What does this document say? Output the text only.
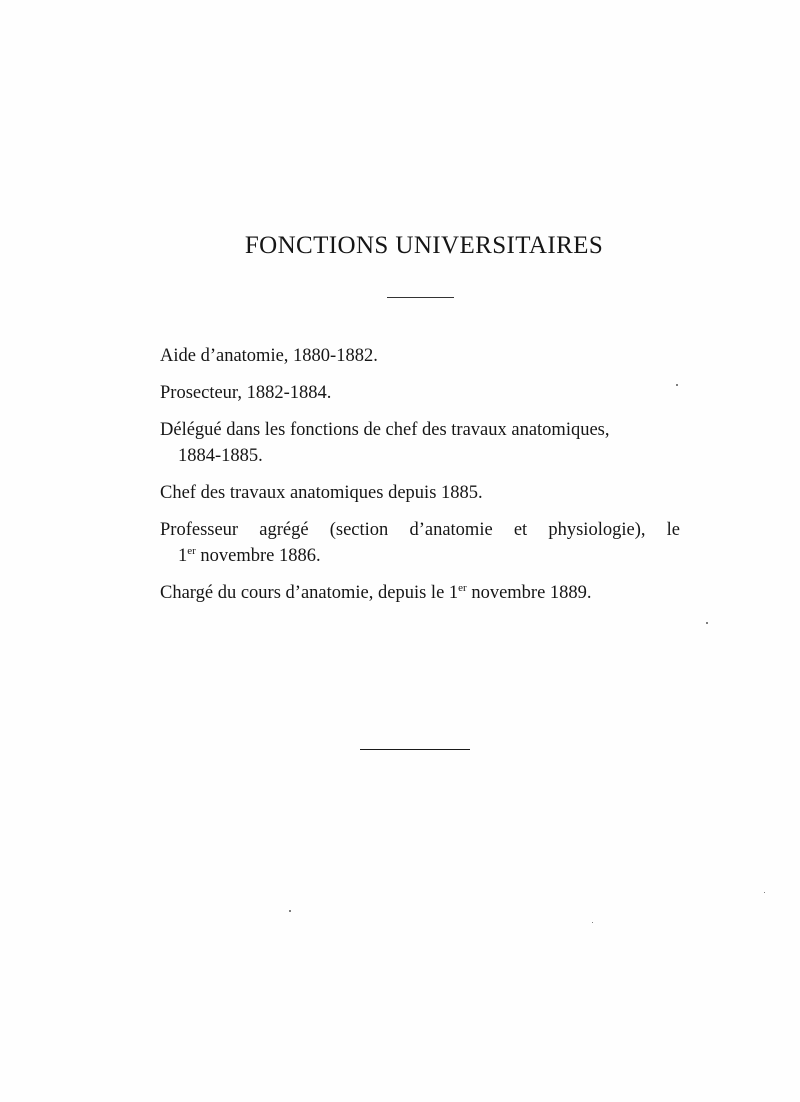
FONCTIONS UNIVERSITAIRES

Aide d’anatomie, 1880-1882.

Prosecteur, 1882-1884.

Délégué dans les fonctions de chef des travaux anatomiques,
1884-1885.

Chef des travaux anatomiques depuis 1885.

Professeur agrégé (section d’anatomie et physiologie), le
1er novembre 1886.

Chargé du cours d’anatomie, depuis le 1er novembre 1889.
